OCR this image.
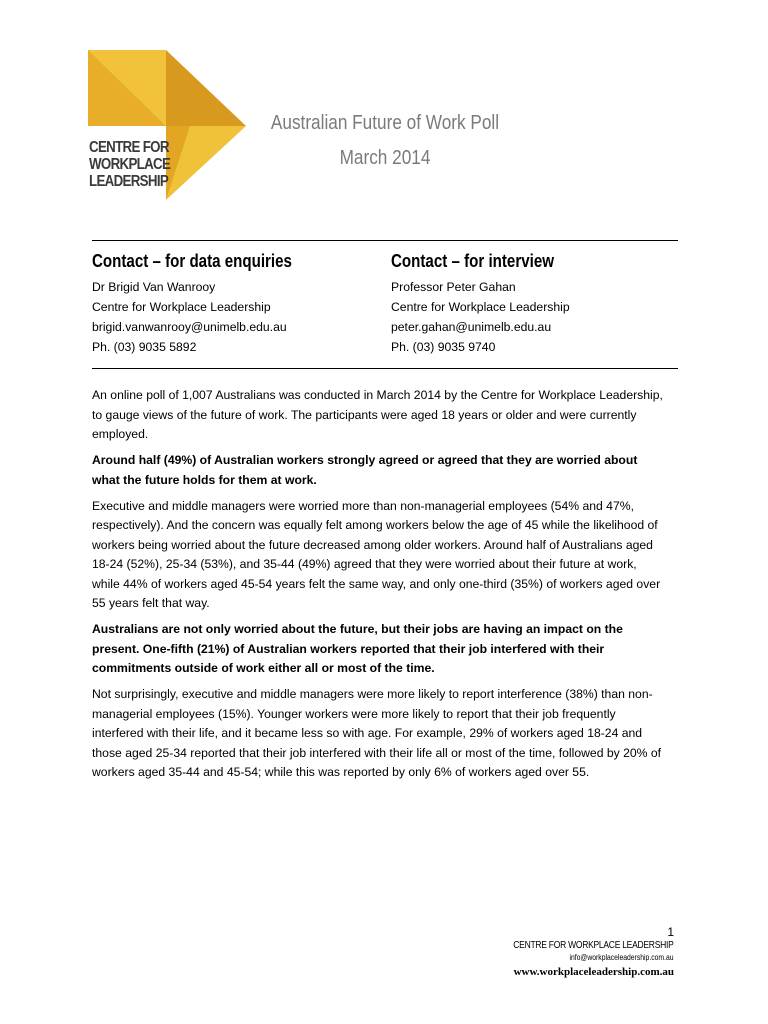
CENTRE FOR
WORKPLACE
LEADERSHIP
Australian Future of Work Poll
March 2014
Contact – for data enquiries
Dr Brigid Van Wanrooy
Centre for Workplace Leadership
brigid.vanwanrooy@unimelb.edu.au
Ph. (03) 9035 5892
Contact – for interview
Professor Peter Gahan
Centre for Workplace Leadership
peter.gahan@unimelb.edu.au
Ph. (03) 9035 9740

An online poll of 1,007 Australians was conducted in March 2014 by the Centre for Workplace Leadership, to gauge views of the future of work. The participants were aged 18 years or older and were currently employed.

Around half (49%) of Australian workers strongly agreed or agreed that they are worried about what the future holds for them at work.

Executive and middle managers were worried more than non-managerial employees (54% and 47%, respectively). And the concern was equally felt among workers below the age of 45 while the likelihood of workers being worried about the future decreased among older workers. Around half of Australians aged 18-24 (52%), 25-34 (53%), and 35-44 (49%) agreed that they were worried about their future at work, while 44% of workers aged 45-54 years felt the same way, and only one-third (35%) of workers aged over 55 years felt that way.

Australians are not only worried about the future, but their jobs are having an impact on the present. One-fifth (21%) of Australian workers reported that their job interfered with their commitments outside of work either all or most of the time.

Not surprisingly, executive and middle managers were more likely to report interference (38%) than non-managerial employees (15%). Younger workers were more likely to report that their job frequently interfered with their life, and it became less so with age. For example, 29% of workers aged 18-24 and those aged 25-34 reported that their job interfered with their life all or most of the time, followed by 20% of workers aged 35-44 and 45-54; while this was reported by only 6% of workers aged over 55.

1
CENTRE FOR WORKPLACE LEADERSHIP
info@workplaceleadership.com.au
www.workplaceleadership.com.au
